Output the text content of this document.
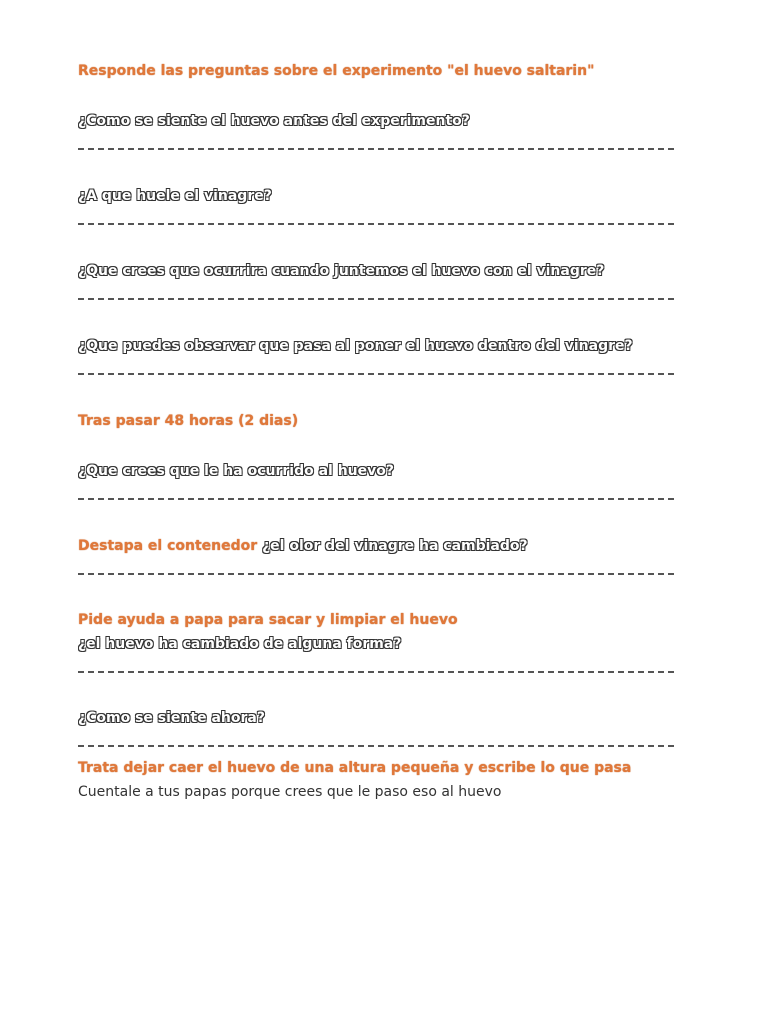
Responde las preguntas sobre el experimento "el huevo saltarin"

¿Como se siente el huevo antes del experimento?

¿A que huele el vinagre?

¿Que crees que ocurrira cuando juntemos el huevo con el vinagre?

¿Que puedes observar que pasa al poner el huevo dentro del vinagre?

Tras pasar 48 horas (2 dias)

¿Que crees que le ha ocurrido al huevo?

Destapa el contenedor ¿el olor del vinagre ha cambiado?

Pide ayuda a papa para sacar y limpiar el huevo

¿el huevo ha cambiado de alguna forma?

¿Como se siente ahora?

Trata dejar caer el huevo de una altura pequeña y escribe lo que pasa

Cuentale a tus papas porque crees que le paso eso al huevo
